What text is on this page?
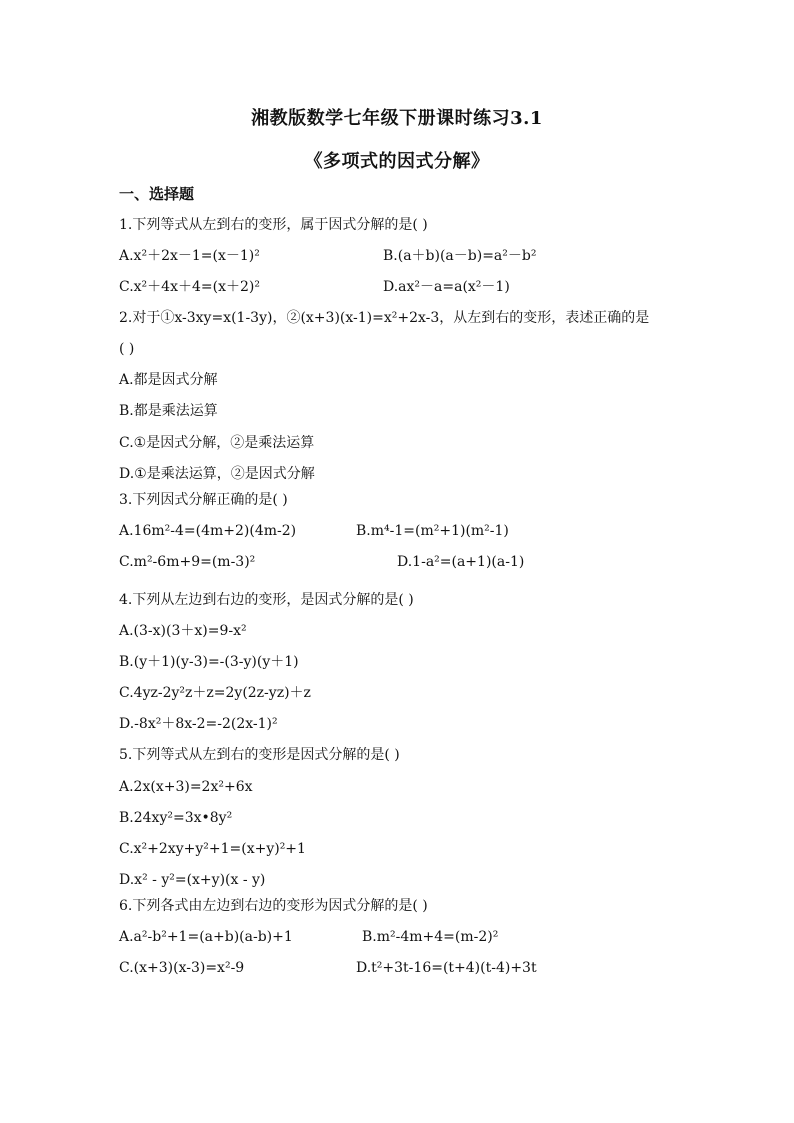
湘教版数学七年级下册课时练习3.1
《多项式的因式分解》
一、选择题
1.下列等式从左到右的变形，属于因式分解的是( )
A.x²＋2x－1=(x－1)²	B.(a＋b)(a－b)=a²－b²
C.x²＋4x＋4=(x＋2)²	D.ax²－a=a(x²－1)
2.对于①x-3xy=x(1-3y)，②(x+3)(x-1)=x²+2x-3，从左到右的变形，表述正确的是
( )
A.都是因式分解
B.都是乘法运算
C.①是因式分解，②是乘法运算
D.①是乘法运算，②是因式分解
3.下列因式分解正确的是( )
A.16m²-4=(4m+2)(4m-2)	B.m⁴-1=(m²+1)(m²-1)
C.m²-6m+9=(m-3)²	D.1-a²=(a+1)(a-1)
4.下列从左边到右边的变形，是因式分解的是( )
A.(3-x)(3＋x)=9-x²
B.(y＋1)(y-3)=-(3-y)(y＋1)
C.4yz-2y²z＋z=2y(2z-yz)＋z
D.-8x²＋8x-2=-2(2x-1)²
5.下列等式从左到右的变形是因式分解的是( )
A.2x(x+3)=2x²+6x
B.24xy²=3x•8y²
C.x²+2xy+y²+1=(x+y)²+1
D.x² - y²=(x+y)(x - y)
6.下列各式由左边到右边的变形为因式分解的是( )
A.a²-b²+1=(a+b)(a-b)+1	B.m²-4m+4=(m-2)²
C.(x+3)(x-3)=x²-9	D.t²+3t-16=(t+4)(t-4)+3t
